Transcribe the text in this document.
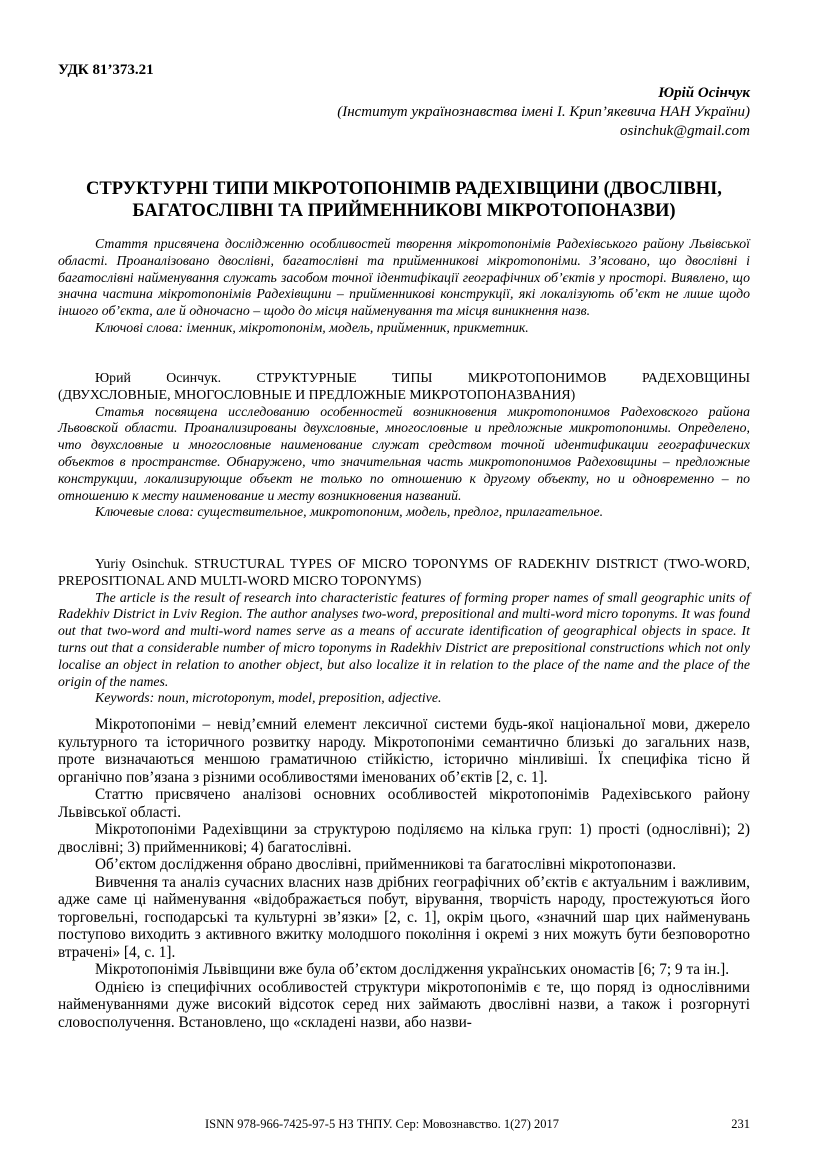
УДК 81’373.21
Юрій Осінчук
(Інститут українознавства імені І. Крип’якевича НАН України)
osinchuk@gmail.com
СТРУКТУРНІ ТИПИ МІКРОТОПОНІМІВ РАДЕХІВЩИНИ (ДВОСЛІВНІ, БАГАТОСЛІВНІ ТА ПРИЙМЕННИКОВІ МІКРОТОПОНАЗВИ)

Стаття присвячена дослідженню особливостей творення мікротопонімів Радехівського району Львівської області. Проаналізовано двослівні, багатослівні та прийменникові мікротопоніми. З’ясовано, що двослівні і багатослівні найменування служать засобом точної ідентифікації географічних об’єктів у просторі. Виявлено, що значна частина мікротопонімів Радехівщини – прийменникові конструкції, які локалізують об’єкт не лише щодо іншого об’єкта, але й одночасно – щодо до місця найменування та місця виникнення назв.

Ключові слова: іменник, мікротопонім, модель, прийменник, прикметник.

Юрий Осинчук. СТРУКТУРНЫЕ ТИПЫ МИКРОТОПОНИМОВ РАДЕХОВЩИНЫ

(ДВУХСЛОВНЫЕ, МНОГОСЛОВНЫЕ И ПРЕДЛОЖНЫЕ МИКРОТОПОНАЗВАНИЯ)

Статья посвящена исследованию особенностей возникновения микротопонимов Радеховского района Львовской области. Проанализированы двухсловные, многословные и предложные микротопонимы. Определено, что двухсловные и многословные наименование служат средством точной идентификации географических объектов в пространстве. Обнаружено, что значительная часть микротопонимов Радеховщины – предложные конструкции, локализирующие объект не только по отношению к другому объекту, но и одновременно – по отношению к месту наименование и месту возникновения названий.

Ключевые слова: существительное, микротопоним, модель, предлог, прилагательное.

Yuriy Osinchuk. STRUCTURAL TYPES OF MICRO TOPONYMS OF RADEKHIV DISTRICT (TWO-WORD, PREPOSITIONAL AND MULTI-WORD MICRO TOPONYMS)

The article is the result of research into characteristic features of forming proper names of small geographic units of Radekhiv District in Lviv Region. The author analyses two-word, prepositional and multi-word micro toponyms. It was found out that two-word and multi-word names serve as a means of accurate identification of geographical objects in space. It turns out that a considerable number of micro toponyms in Radekhiv District are prepositional constructions which not only localise an object in relation to another object, but also localize it in relation to the place of the name and the place of the origin of the names.

Keywords: noun, microtoponym, model, preposition, adjective.

Мікротопоніми – невід’ємний елемент лексичної системи будь-якої національної мови, джерело культурного та історичного розвитку народу. Мікротопоніми семантично близькі до загальних назв, проте визначаються меншою граматичною стійкістю, історично мінливіші. Їх специфіка тісно й органічно пов’язана з різними особливостями іменованих об’єктів [2, с. 1].

Статтю присвячено аналізові основних особливостей мікротопонімів Радехівського району Львівської області.

Мікротопоніми Радехівщини за структурою поділяємо на кілька груп: 1) прості (однослівні); 2) двослівні; 3) прийменникові; 4) багатослівні.

Об’єктом дослідження обрано двослівні, прийменникові та багатослівні мікротопоназви.

Вивчення та аналіз сучасних власних назв дрібних географічних об’єктів є актуальним і важливим, адже саме ці найменування «відображається побут, вірування, творчість народу, простежуються його торговельні, господарські та культурні зв’язки» [2, с. 1], окрім цього, «значний шар цих найменувань поступово виходить з активного вжитку молодшого покоління і окремі з них можуть бути безповоротно втрачені» [4, с. 1].

Мікротопонімія Львівщини вже була об’єктом дослідження українських ономастів [6; 7; 9 та ін.].

Однією із специфічних особливостей структури мікротопонімів є те, що поряд із однослівними найменуваннями дуже високий відсоток серед них займають двослівні назви, а також і розгорнуті словосполучення. Встановлено, що «складені назви, або назви-

ISNN 978-966-7425-97-5 НЗ ТНПУ. Сер: Мовознавство. 1(27) 2017	231
